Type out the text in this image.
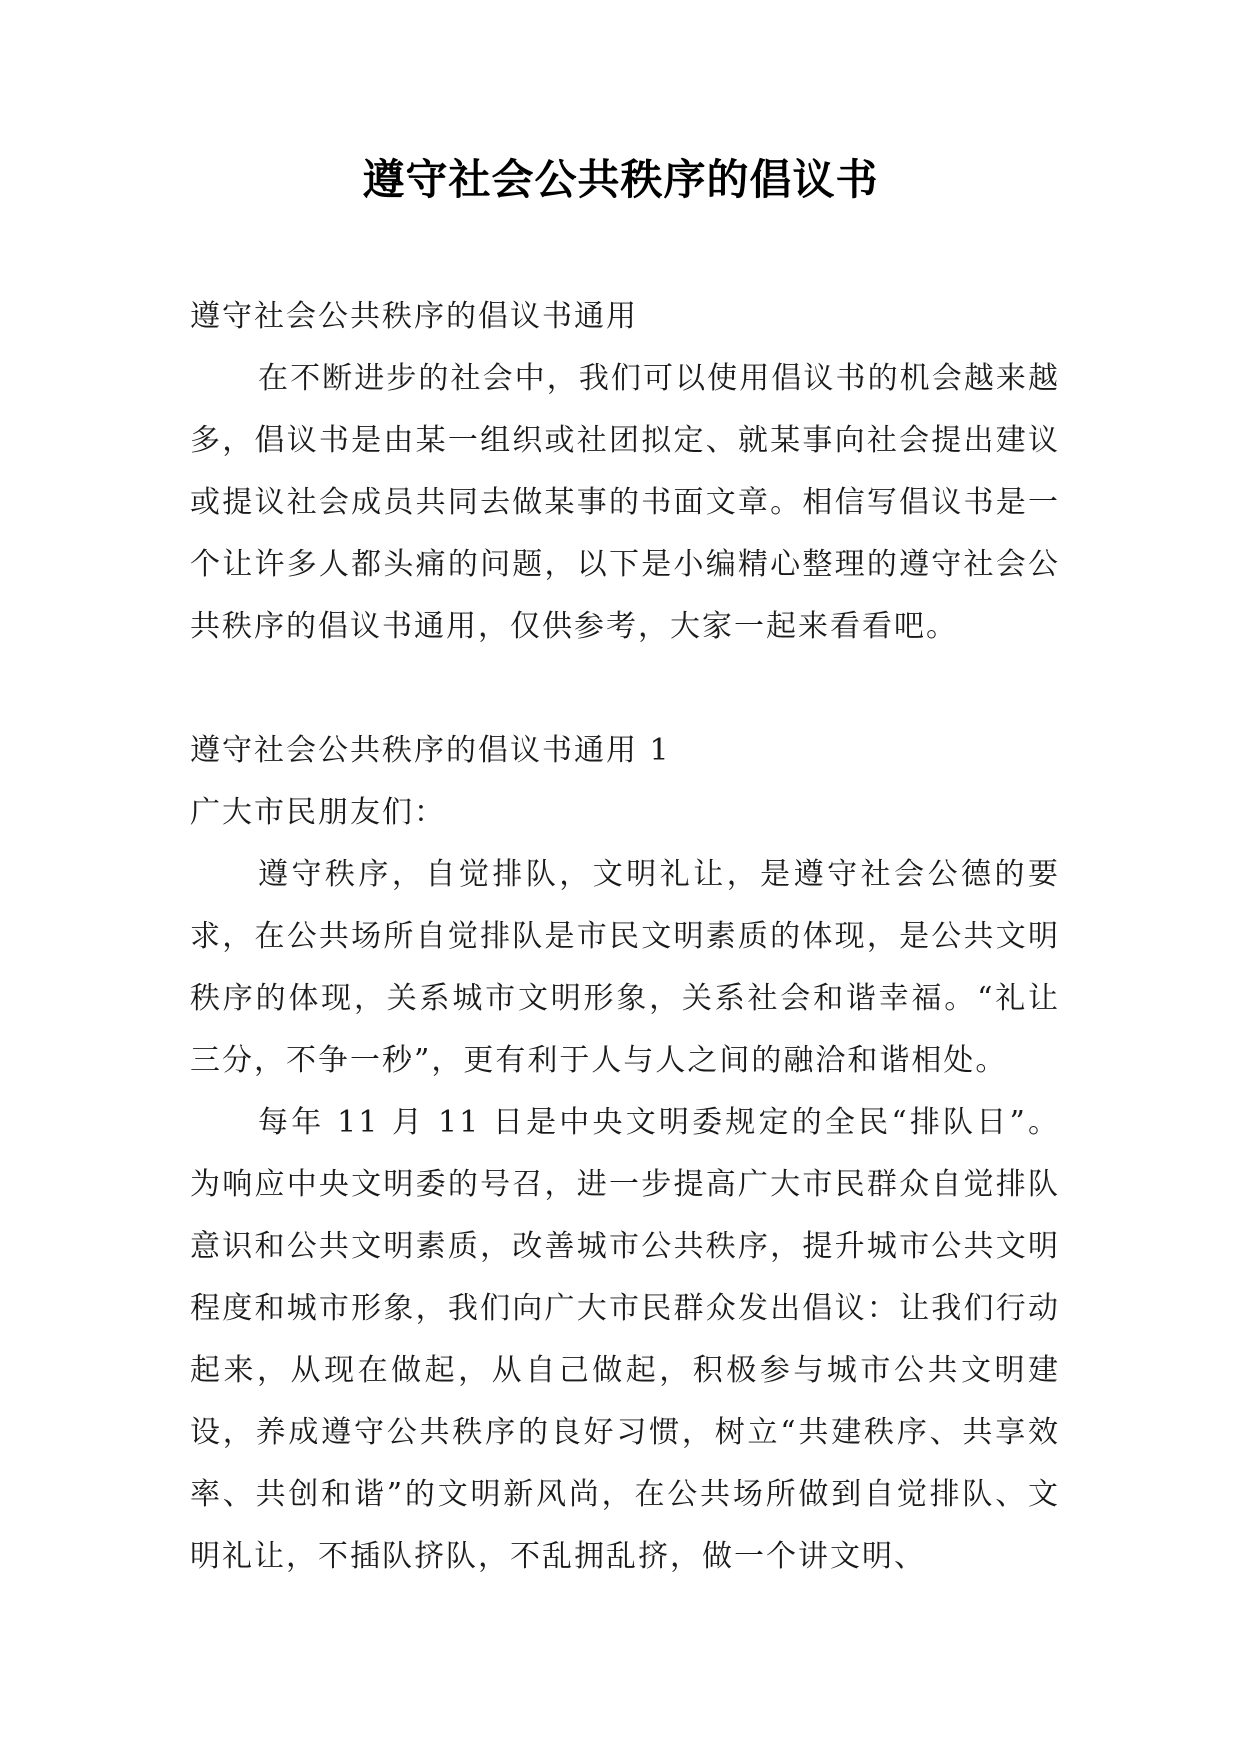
遵守社会公共秩序的倡议书

遵守社会公共秩序的倡议书通用

在不断进步的社会中，我们可以使用倡议书的机会越来越多，倡议书是由某一组织或社团拟定、就某事向社会提出建议或提议社会成员共同去做某事的书面文章。相信写倡议书是一个让许多人都头痛的问题，以下是小编精心整理的遵守社会公共秩序的倡议书通用，仅供参考，大家一起来看看吧。

遵守社会公共秩序的倡议书通用 1

广大市民朋友们：

遵守秩序，自觉排队，文明礼让，是遵守社会公德的要求，在公共场所自觉排队是市民文明素质的体现，是公共文明秩序的体现，关系城市文明形象，关系社会和谐幸福。“礼让三分，不争一秒”，更有利于人与人之间的融洽和谐相处。

每年 11 月 11 日是中央文明委规定的全民“排队日”。为响应中央文明委的号召，进一步提高广大市民群众自觉排队意识和公共文明素质，改善城市公共秩序，提升城市公共文明程度和城市形象，我们向广大市民群众发出倡议：让我们行动起来，从现在做起，从自己做起，积极参与城市公共文明建设，养成遵守公共秩序的良好习惯，树立“共建秩序、共享效率、共创和谐”的文明新风尚，在公共场所做到自觉排队、文明礼让，不插队挤队，不乱拥乱挤，做一个讲文明、
